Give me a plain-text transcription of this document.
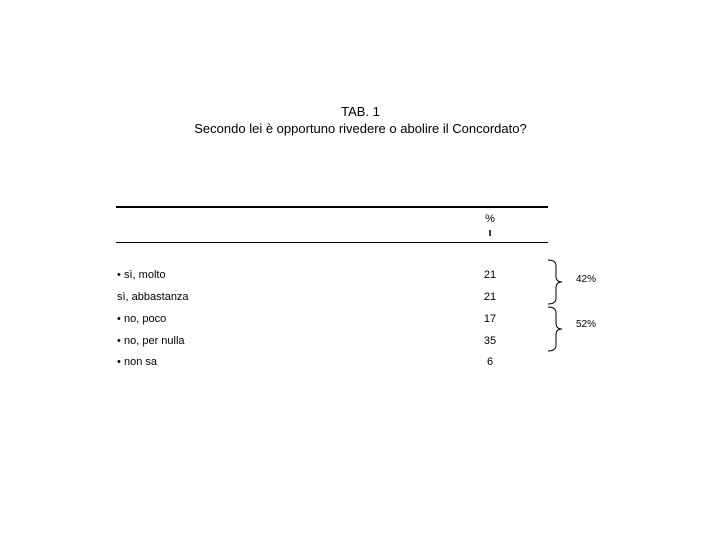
TAB. 1
Secondo lei è opportuno rivedere o abolire il Concordato?
%
ι
• sì, molto	21
sì, abbastanza	21
• no, poco	17
• no, per nulla	35
• non sa	6
42%
52%
